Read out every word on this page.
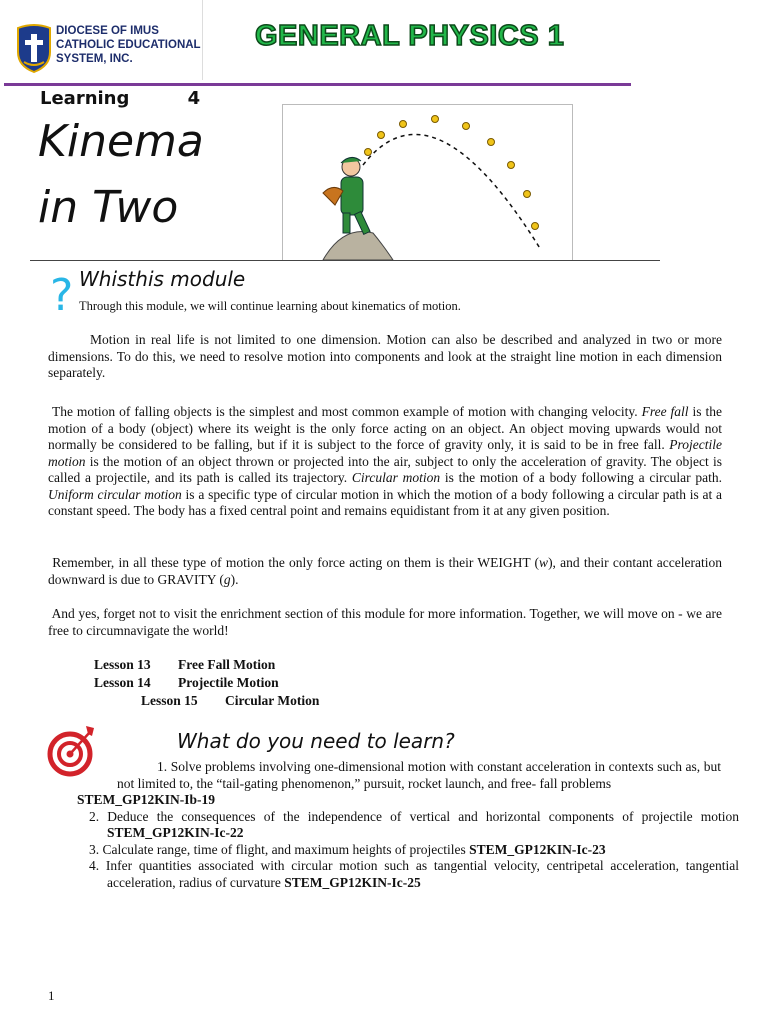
DIOCESE OF IMUS
CATHOLIC EDUCATIONAL
SYSTEM, INC.
GENERAL PHYSICS 1
Learning	4
Kinema
in Two
? Whisthis module
Through this module, we will continue learning about kinematics of motion.
Motion in real life is not limited to one dimension. Motion can also be described and analyzed in two or more dimensions. To do this, we need to resolve motion into components and look at the straight line motion in each dimension separately.
The motion of falling objects is the simplest and most common example of motion with changing velocity. Free fall is the motion of a body (object) where its weight is the only force acting on an object. An object moving upwards would not normally be considered to be falling, but if it is subject to the force of gravity only, it is said to be in free fall. Projectile motion is the motion of an object thrown or projected into the air, subject to only the acceleration of gravity. The object is called a projectile, and its path is called its trajectory. Circular motion is the motion of a body following a circular path. Uniform circular motion is a specific type of circular motion in which the motion of a body following a circular path is at a constant speed. The body has a fixed central point and remains equidistant from it at any given position.
Remember, in all these type of motion the only force acting on them is their WEIGHT (w), and their contant acceleration downward is due to GRAVITY (g).
And yes, forget not to visit the enrichment section of this module for more information. Together, we will move on - we are free to circumnavigate the world!
Lesson 13 Free Fall Motion
Lesson 14 Projectile Motion
Lesson 15 Circular Motion
What do you need to learn?
1. Solve problems involving one-dimensional motion with constant acceleration in contexts such as, but not limited to, the “tail-gating phenomenon,” pursuit, rocket launch, and free- fall problems
STEM_GP12KIN-Ib-19
2. Deduce the consequences of the independence of vertical and horizontal components of projectile motion STEM_GP12KIN-Ic-22
3. Calculate range, time of flight, and maximum heights of projectiles STEM_GP12KIN-Ic-23
4. Infer quantities associated with circular motion such as tangential velocity, centripetal acceleration, tangential acceleration, radius of curvature STEM_GP12KIN-Ic-25
1
